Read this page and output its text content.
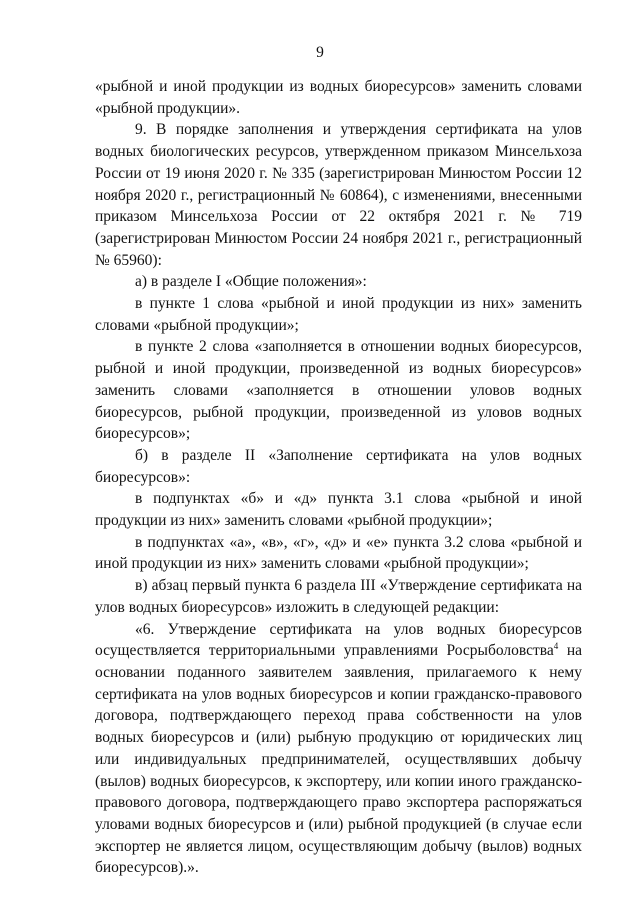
9

«рыбной и иной продукции из водных биоресурсов» заменить словами «рыбной продукции».

9. В порядке заполнения и утверждения сертификата на улов водных биологических ресурсов, утвержденном приказом Минсельхоза России от 19 июня 2020 г. № 335 (зарегистрирован Минюстом России 12 ноября 2020 г., регистрационный № 60864), с изменениями, внесенными приказом Минсельхоза России от 22 октября 2021 г. № 719 (зарегистрирован Минюстом России 24 ноября 2021 г., регистрационный № 65960):

а) в разделе I «Общие положения»:

в пункте 1 слова «рыбной и иной продукции из них» заменить словами «рыбной продукции»;

в пункте 2 слова «заполняется в отношении водных биоресурсов, рыбной и иной продукции, произведенной из водных биоресурсов» заменить словами «заполняется в отношении уловов водных биоресурсов, рыбной продукции, произведенной из уловов водных биоресурсов»;

б) в разделе II «Заполнение сертификата на улов водных биоресурсов»:

в подпунктах «б» и «д» пункта 3.1 слова «рыбной и иной продукции из них» заменить словами «рыбной продукции»;

в подпунктах «а», «в», «г», «д» и «е» пункта 3.2 слова «рыбной и иной продукции из них» заменить словами «рыбной продукции»;

в) абзац первый пункта 6 раздела III «Утверждение сертификата на улов водных биоресурсов» изложить в следующей редакции:

«6. Утверждение сертификата на улов водных биоресурсов осуществляется территориальными управлениями Росрыболовства$^4$ на основании поданного заявителем заявления, прилагаемого к нему сертификата на улов водных биоресурсов и копии гражданско-правового договора, подтверждающего переход права собственности на улов водных биоресурсов и (или) рыбную продукцию от юридических лиц или индивидуальных предпринимателей, осуществлявших добычу (вылов) водных биоресурсов, к экспортеру, или копии иного гражданско-правового договора, подтверждающего право экспортера распоряжаться уловами водных биоресурсов и (или) рыбной продукцией (в случае если экспортер не является лицом, осуществляющим добычу (вылов) водных биоресурсов).».
